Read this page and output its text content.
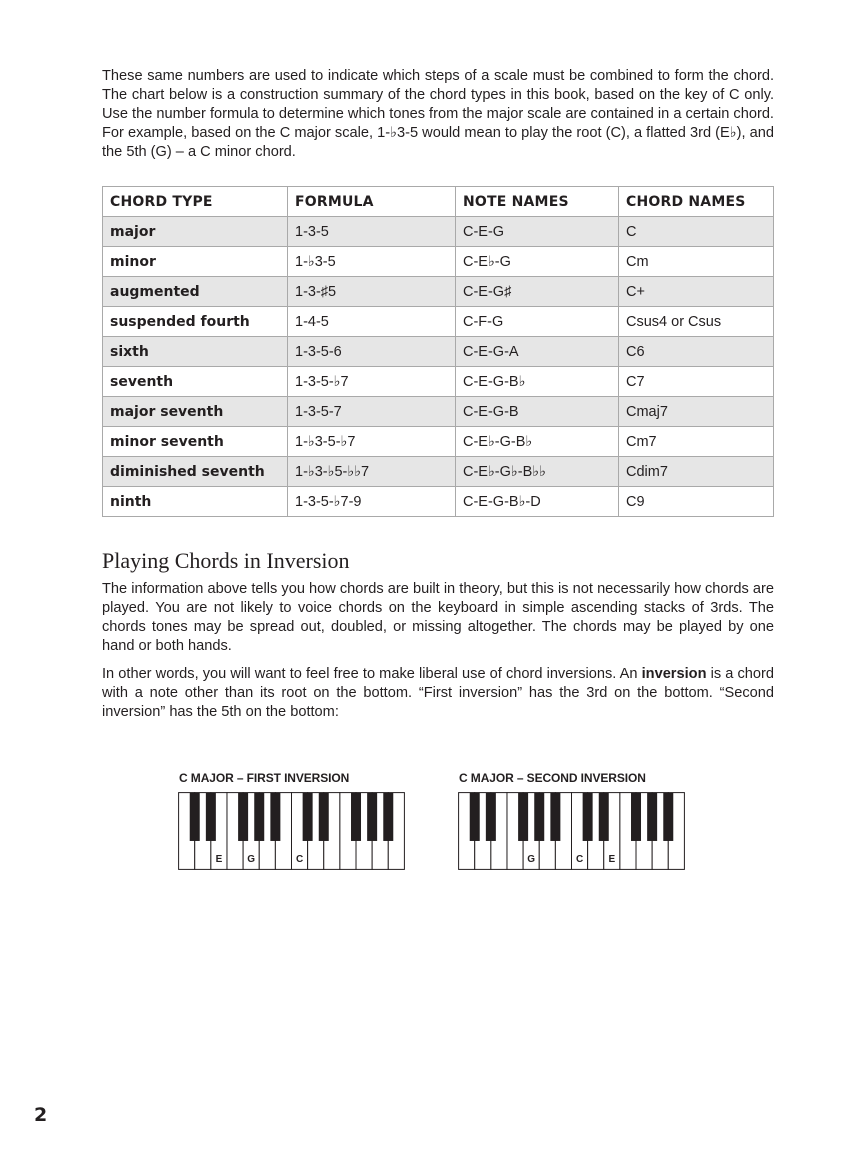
These same numbers are used to indicate which steps of a scale must be combined to form the chord. The chart below is a construction summary of the chord types in this book, based on the key of C only. Use the number formula to determine which tones from the major scale are contained in a certain chord. For example, based on the C major scale, 1-♭3-5 would mean to play the root (C), a flatted 3rd (E♭), and the 5th (G) – a C minor chord.

CHORD TYPE	FORMULA	NOTE NAMES	CHORD NAMES
major	1-3-5	C-E-G	C
minor	1-♭3-5	C-E♭-G	Cm
augmented	1-3-♯5	C-E-G♯	C+
suspended fourth	1-4-5	C-F-G	Csus4 or Csus
sixth	1-3-5-6	C-E-G-A	C6
seventh	1-3-5-♭7	C-E-G-B♭	C7
major seventh	1-3-5-7	C-E-G-B	Cmaj7
minor seventh	1-♭3-5-♭7	C-E♭-G-B♭	Cm7
diminished seventh	1-♭3-♭5-♭♭7	C-E♭-G♭-B♭♭	Cdim7
ninth	1-3-5-♭7-9	C-E-G-B♭-D	C9
Playing Chords in Inversion

The information above tells you how chords are built in theory, but this is not necessarily how chords are played. You are not likely to voice chords on the keyboard in simple ascending stacks of 3rds. The chords tones may be spread out, doubled, or missing altogether. The chords may be played by one hand or both hands.

In other words, you will want to feel free to make liberal use of chord inversions. An inversion is a chord with a note other than its root on the bottom. “First inversion” has the 3rd on the bottom. “Second inversion” has the 5th on the bottom:

C MAJOR – FIRST INVERSION
E	G	C
C MAJOR – SECOND INVERSION
G	C	E
2
